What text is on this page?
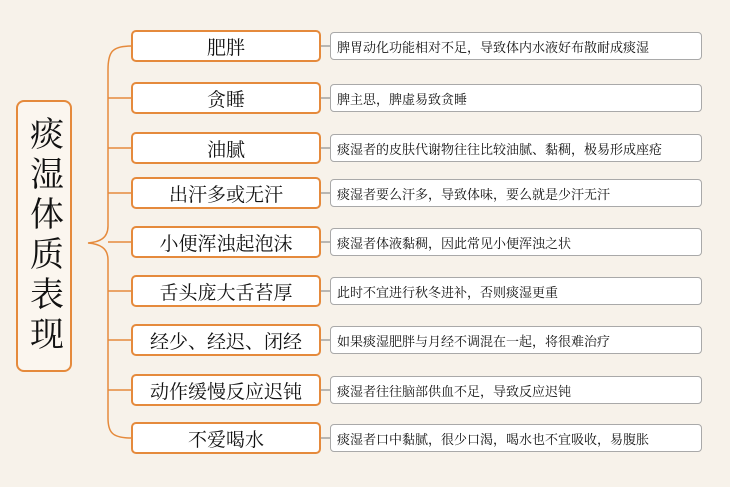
痰湿体质表现
肥胖	脾胃动化功能相对不足，导致体内水液好布散耐成痰湿
贪睡	脾主思，脾虚易致贪睡
油腻	痰湿者的皮肤代谢物往往比较油腻、黏稠，极易形成座疮
出汗多或无汗	痰湿者要么汗多，导致体味，要么就是少汗无汗
小便浑浊起泡沫	痰湿者体液黏稠，因此常见小便浑浊之状
舌头庞大舌苔厚	此时不宜进行秋冬进补，否则痰湿更重
经少、经迟、闭经	如果痰湿肥胖与月经不调混在一起，将很难治疗
动作缓慢反应迟钝	痰湿者往往脑部供血不足，导致反应迟钝
不爱喝水	痰湿者口中黏腻，很少口渴，喝水也不宜吸收，易腹胀
